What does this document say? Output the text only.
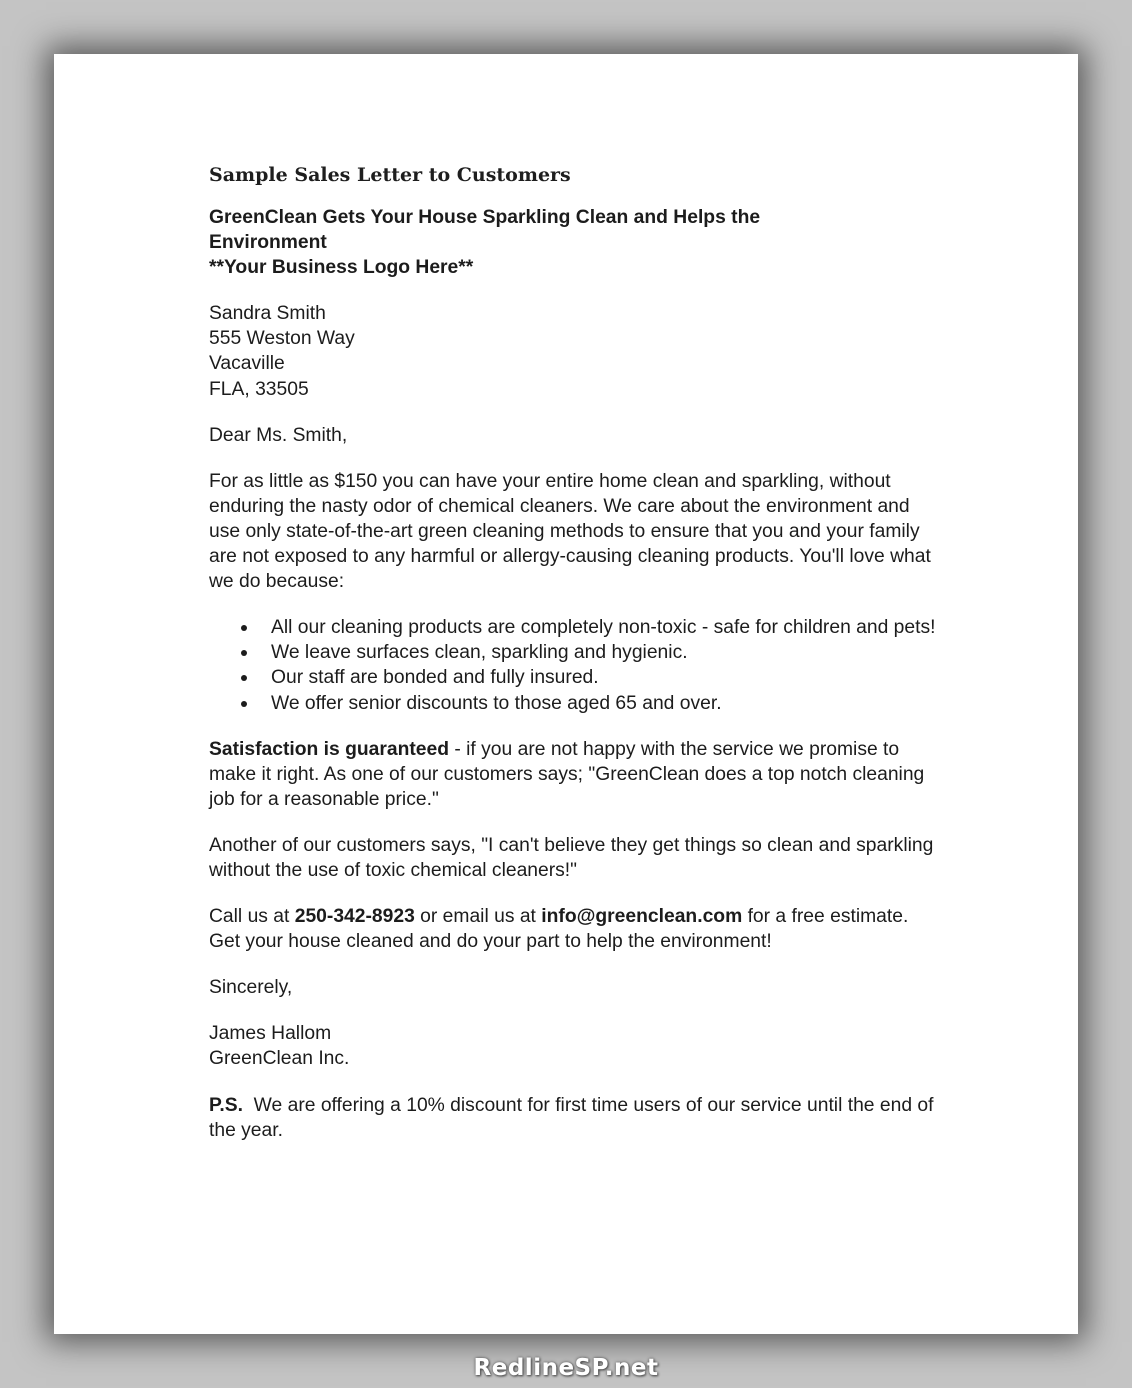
Sample Sales Letter to Customers
GreenClean Gets Your House Sparkling Clean and Helps the
Environment
**Your Business Logo Here**

Sandra Smith
555 Weston Way
Vacaville
FLA, 33505

Dear Ms. Smith,

For as little as $150 you can have your entire home clean and sparkling, without enduring the nasty odor of chemical cleaners. We care about the environment and use only state-of-the-art green cleaning methods to ensure that you and your family are not exposed to any harmful or allergy-causing cleaning products. You'll love what we do because:

All our cleaning products are completely non-toxic - safe for children and pets!
We leave surfaces clean, sparkling and hygienic.
Our staff are bonded and fully insured.
We offer senior discounts to those aged 65 and over.

Satisfaction is guaranteed - if you are not happy with the service we promise to make it right. As one of our customers says; "GreenClean does a top notch cleaning job for a reasonable price."

Another of our customers says, "I can't believe they get things so clean and sparkling without the use of toxic chemical cleaners!"

Call us at 250-342-8923 or email us at info@greenclean.com for a free estimate. Get your house cleaned and do your part to help the environment!

Sincerely,

James Hallom
GreenClean Inc.

P.S.  We are offering a 10% discount for first time users of our service until the end of the year.

RedlineSP.net
